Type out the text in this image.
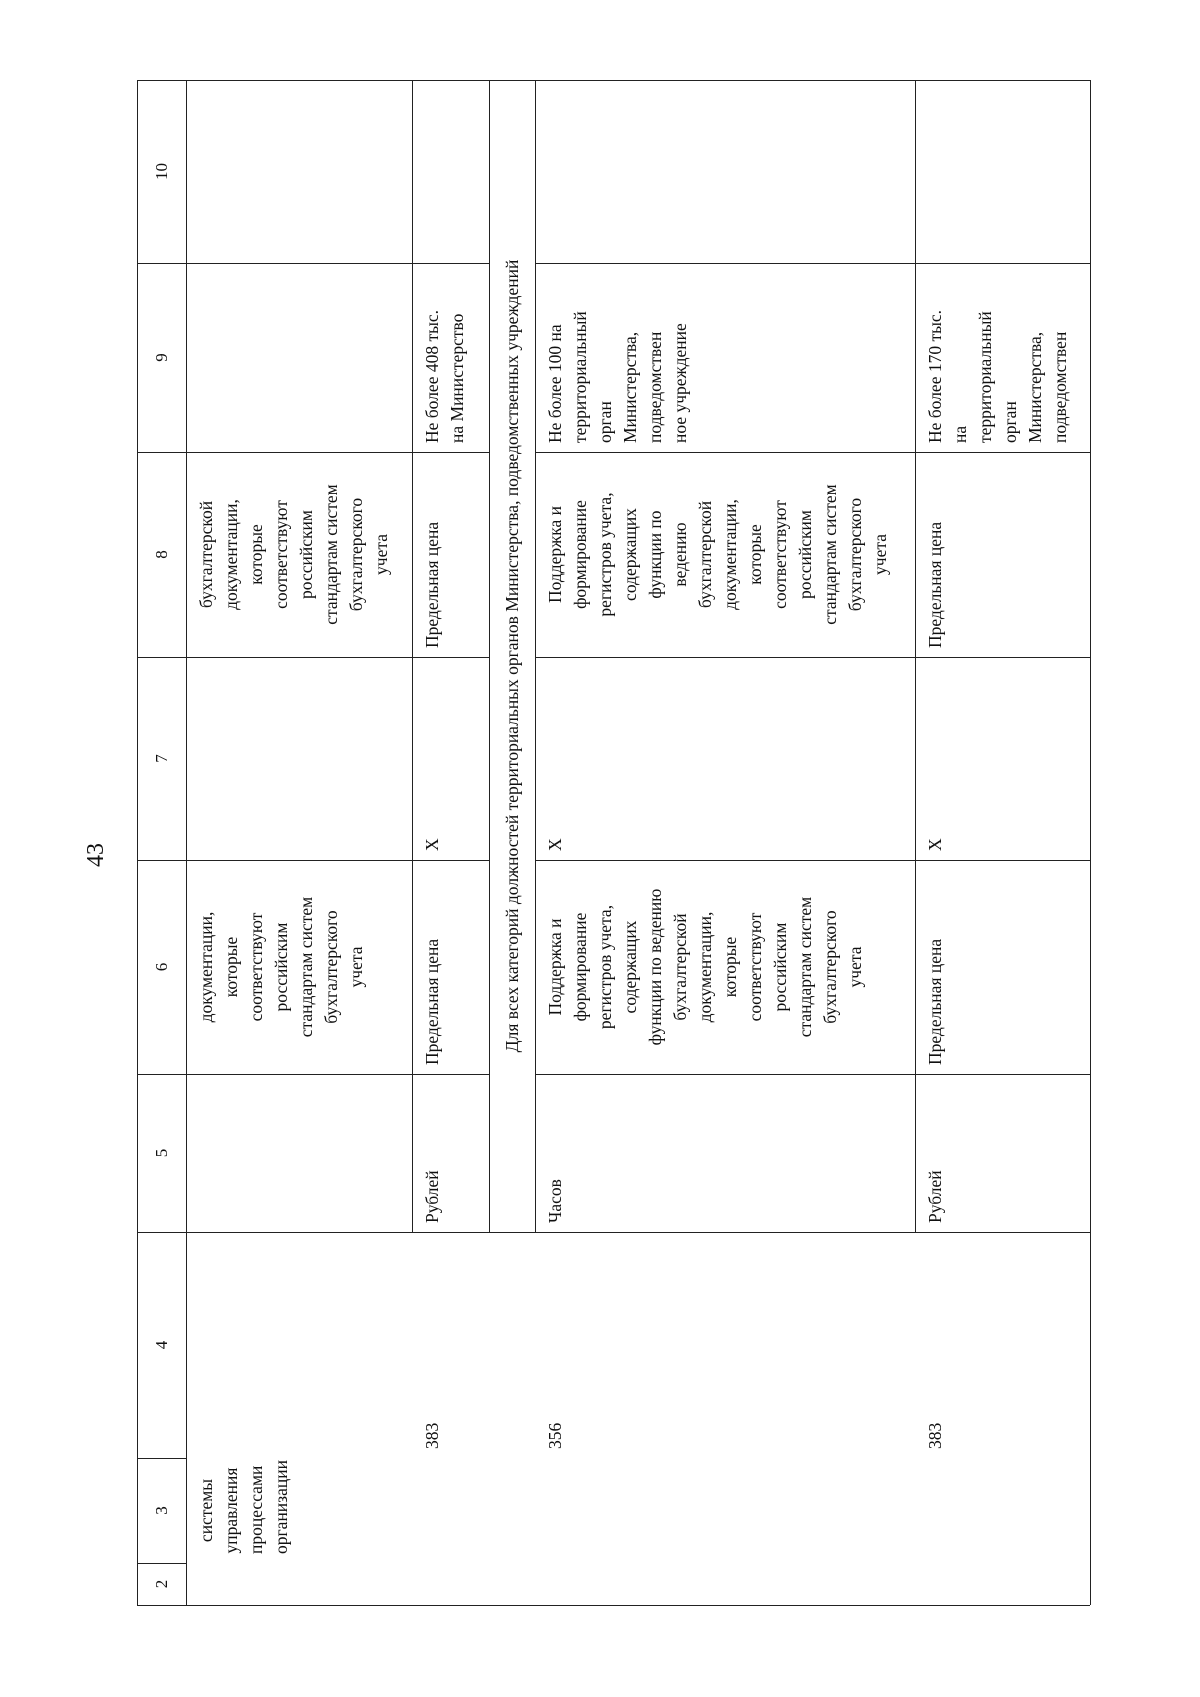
43
10
9
8
7
6
5
4
3
2
системы
управления
процессами
организации
документации,
которые
соответствуют
российским
стандартам систем
бухгалтерского
учета
бухгалтерской
документации,
которые
соответствуют
российским
стандартам систем
бухгалтерского
учета
383
Рублей
Предельная цена
X
Предельная цена
Не более 408 тыс.
на Министерство
356
Часов
Поддержка и
формирование
регистров учета,
содержащих
функции по ведению
бухгалтерской
документации,
которые
соответствуют
российским
стандартам систем
бухгалтерского
учета
X
Поддержка и
формирование
регистров учета,
содержащих
функции по
ведению
бухгалтерской
документации,
которые
соответствуют
российским
стандартам систем
бухгалтерского
учета
Не более 100 на
территориальный
орган
Министерства,
подведомствен
ное учреждение
383
Рублей
Предельная цена
X
Предельная цена
Не более 170 тыс.
на
территориальный
орган
Министерства,
подведомствен
Для всех категорий должностей территориальных органов Министерства, подведомственных учреждений
